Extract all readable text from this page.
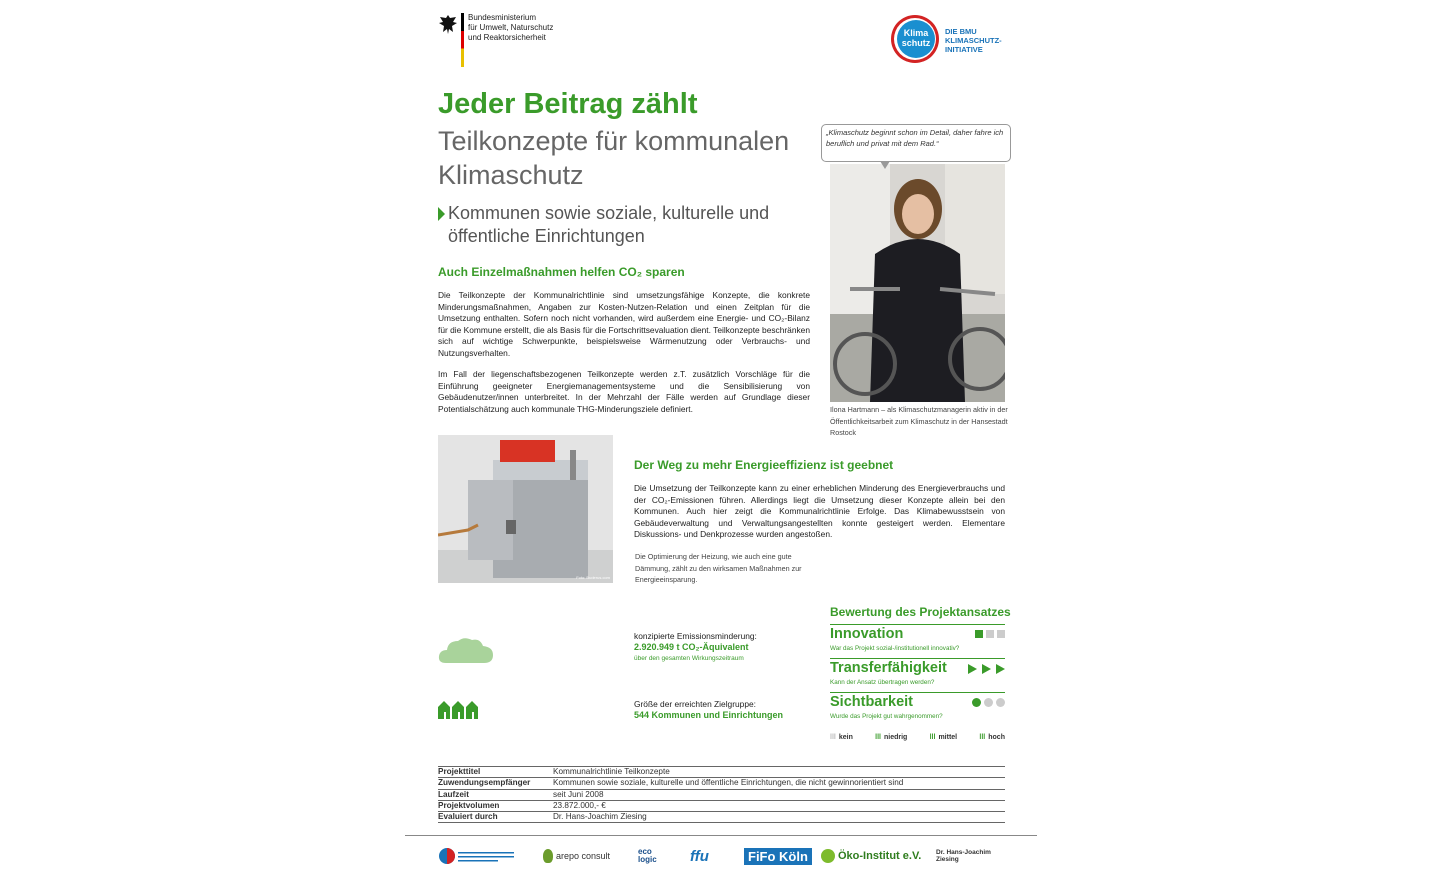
Bundesministerium
für Umwelt, Naturschutz
und Reaktorsicherheit	Klima
schutz
DIE BMU
KLIMASCHUTZ-
INITIATIVE
Jeder Beitrag zählt
Teilkonzepte für kommunalen
Klimaschutz
Kommunen sowie soziale, kulturelle und
öffentliche Einrichtungen
Auch Einzelmaßnahmen helfen CO₂ sparen
Die Teilkonzepte der Kommunalrichtlinie sind umsetzungsfähige Konzepte, die konkrete Minderungsmaßnahmen, Angaben zur Kosten-Nutzen-Relation und einen Zeitplan für die Umsetzung enthalten. Sofern noch nicht vorhanden, wird außerdem eine Energie- und CO₂-Bilanz für die Kommune erstellt, die als Basis für die Fortschrittsevaluation dient. Teilkonzepte beschränken sich auf wichtige Schwerpunkte, beispielsweise Wärmenutzung oder Verbrauchs- und Nutzungsverhalten.
Im Fall der liegenschaftsbezogenen Teilkonzepte werden z.T. zusätzlich Vorschläge für die Einführung geeigneter Energiemanagementsysteme und die Sensibilisierung von Gebäudenutzer/innen unterbreitet. In der Mehrzahl der Fälle werden auf Grundlage dieser Potentialschätzung auch kommunale THG-Minderungsziele definiert.
„Klimaschutz beginnt schon im Detail, daher fahre ich beruflich und privat mit dem Rad.“
Ilona Hartmann – als Klimaschutzmanagerin aktiv in der Öffentlichkeitsarbeit zum Klimaschutz in der Hansestadt Rostock
Foto: Buderus.com
Der Weg zu mehr Energieeffizienz ist geebnet
Die Umsetzung der Teilkonzepte kann zu einer erheblichen Minderung des Energieverbrauchs und der CO₂-Emissionen führen. Allerdings liegt die Umsetzung dieser Konzepte allein bei den Kommunen. Auch hier zeigt die Kommunalrichtlinie Erfolge. Das Klimabewusstsein von Gebäudeverwaltung und Verwaltungsangestellten konnte gesteigert werden. Elementare Diskussions- und Denkprozesse wurden angestoßen.
Die Optimierung der Heizung, wie auch eine gute Dämmung, zählt zu den wirksamen Maßnahmen zur Energieeinsparung.
konzipierte Emissionsminderung:
2.920.949 t CO₂-Äquivalent
über den gesamten Wirkungszeitraum
Größe der erreichten Zielgruppe:
544 Kommunen und Einrichtungen
Bewertung des Projektansatzes
Innovation
War das Projekt sozial-/institutionell innovativ?
Transferfähigkeit
Kann der Ansatz übertragen werden?
Sichtbarkeit
Wurde das Projekt gut wahrgenommen?
lll kein	lll niedrig	lll mittel	lll hoch
Projekttitel	Kommunalrichtlinie Teilkonzepte
Zuwendungsempfänger	Kommunen sowie soziale, kulturelle und öffentliche Einrichtungen, die nicht gewinnorientiert sind
Laufzeit	seit Juni 2008
Projektvolumen	23.872.000,- €
Evaluiert durch	Dr. Hans-Joachim Ziesing
arepo consult	eco logic	ffu	FiFo Köln	Öko-Institut e.V. Dr. Hans-Joachim Ziesing
